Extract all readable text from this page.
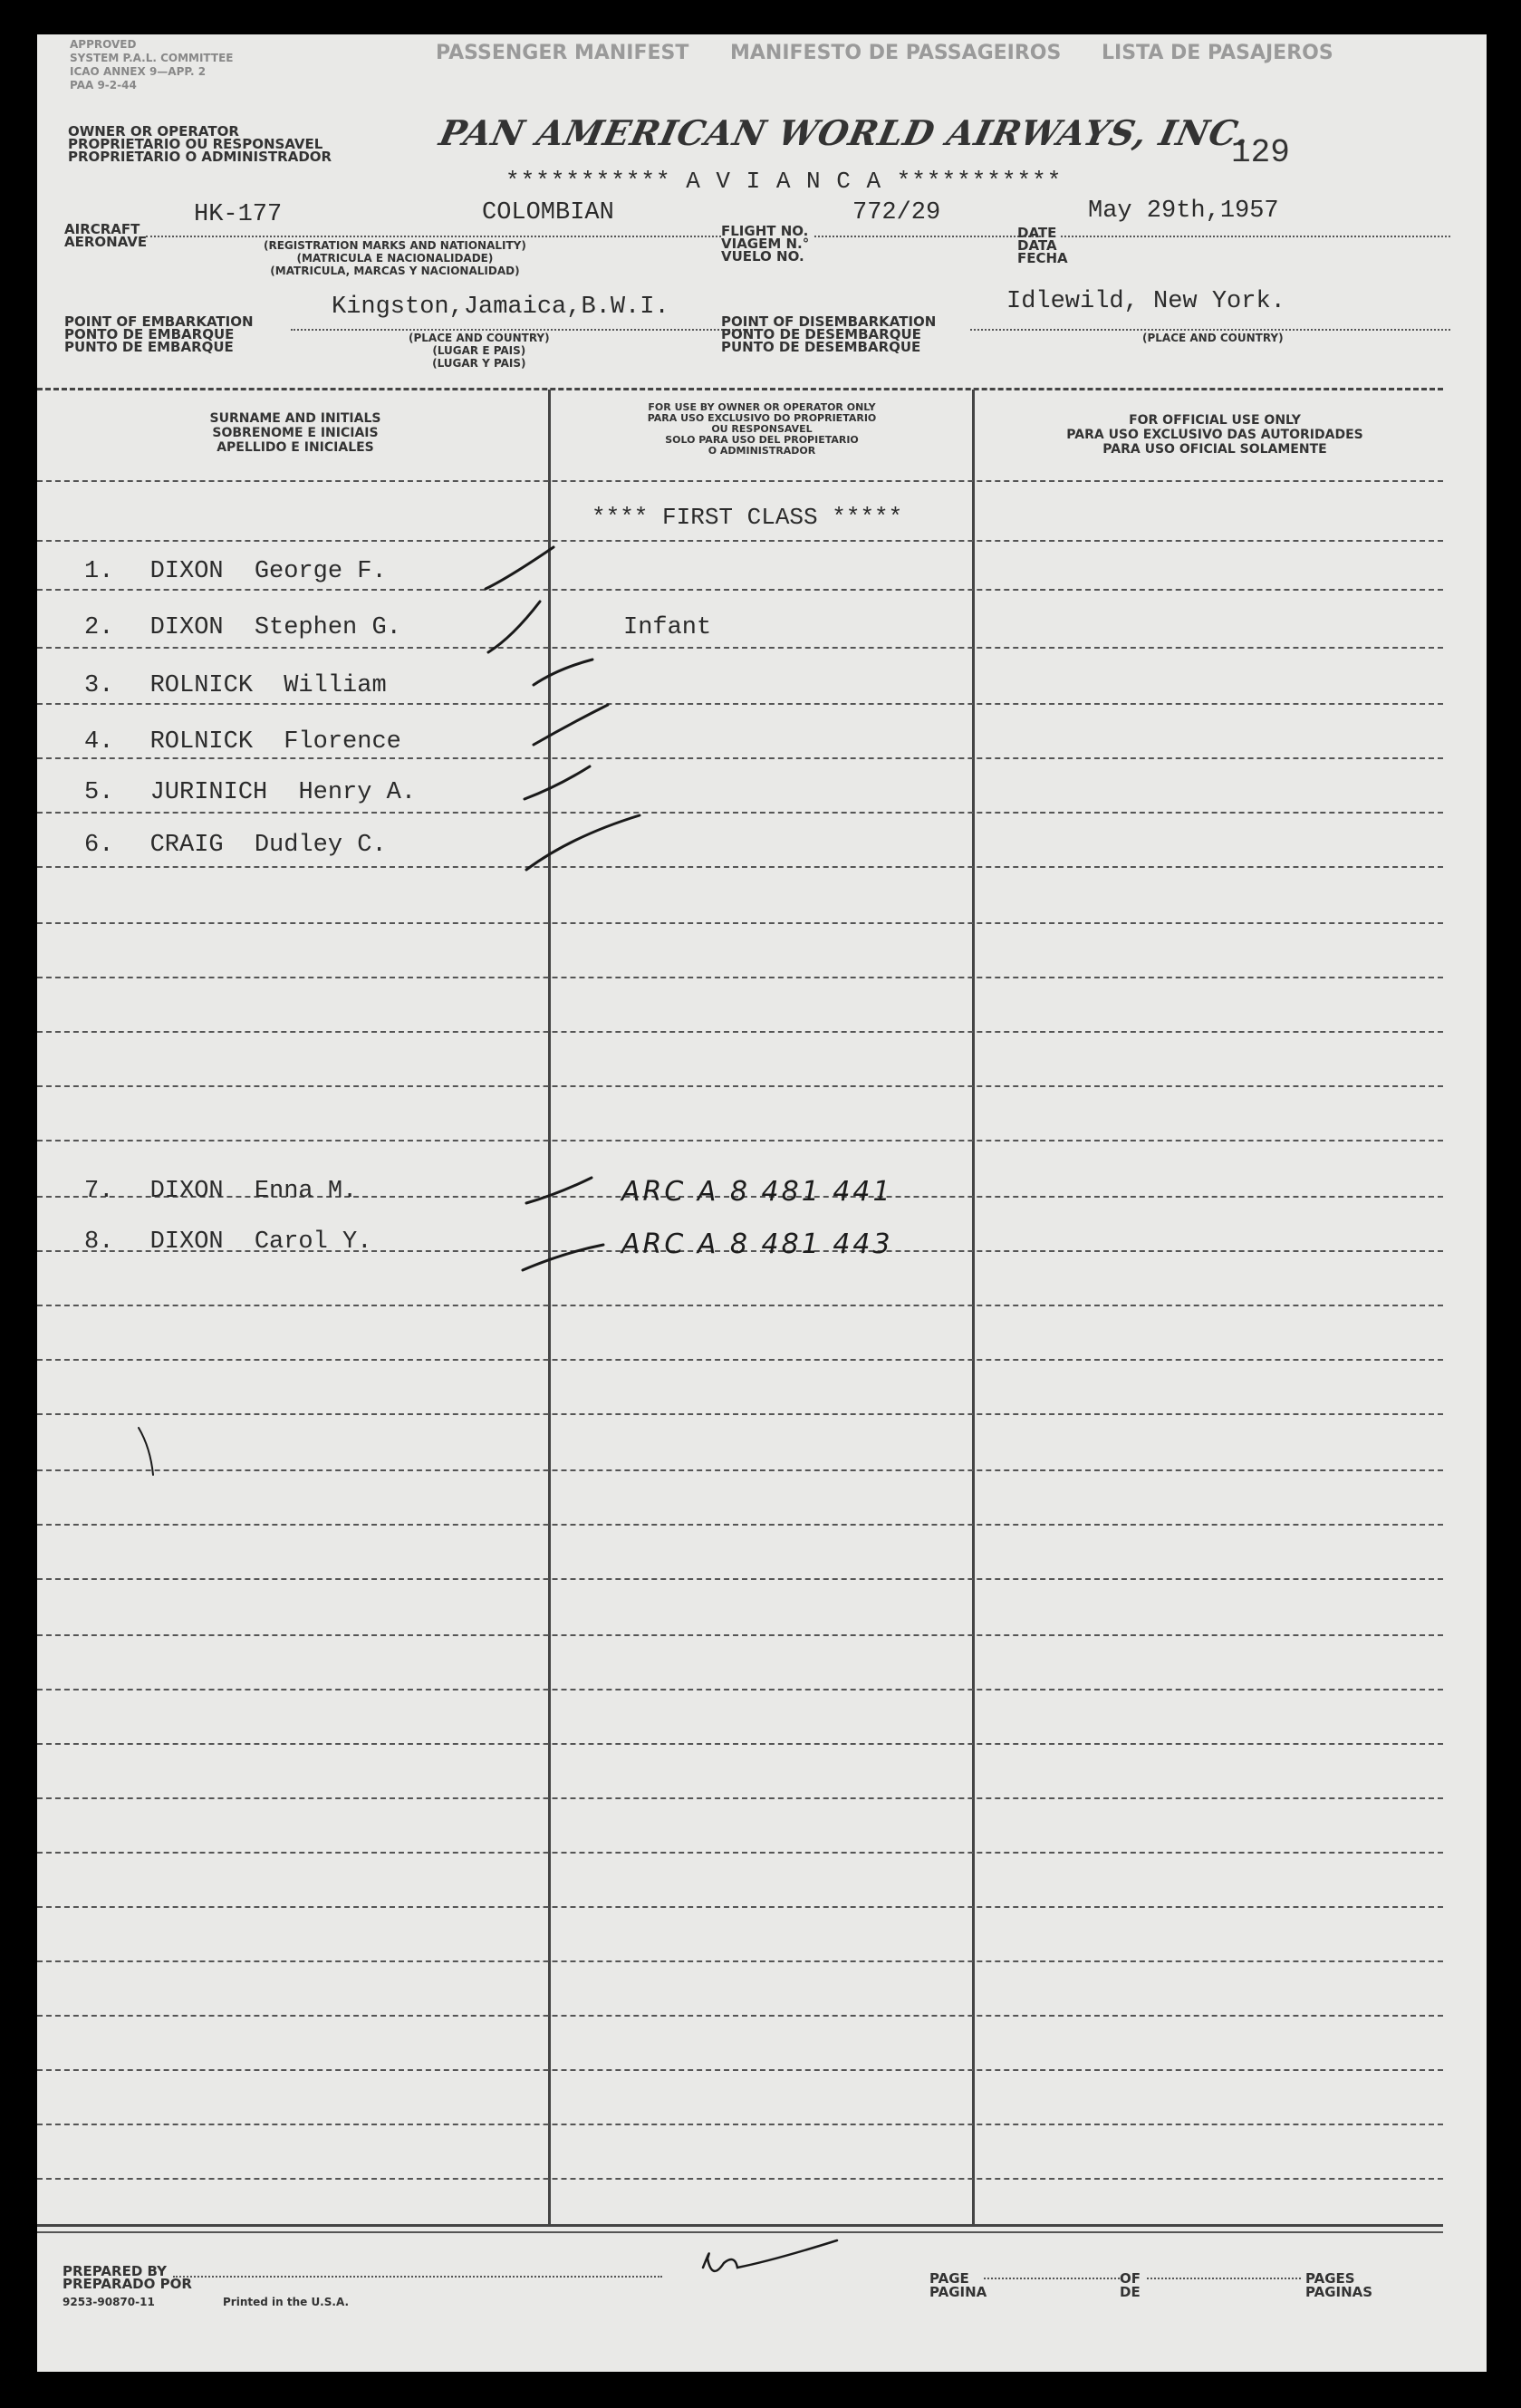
APPROVED
SYSTEM P.A.L. COMMITTEE
ICAO ANNEX 9—APP. 2
PAA 9-2-44
PASSENGER MANIFEST MANIFESTO DE PASSAGEIROS LISTA DE PASAJEROS
OWNER OR OPERATOR
PROPRIETARIO OU RESPONSAVEL
PROPRIETARIO O ADMINISTRADOR
PAN AMERICAN WORLD AIRWAYS, INC.
*********** A V I A N C A ***********
129
AIRCRAFT
AERONAVE
HK-177	COLOMBIAN
(REGISTRATION MARKS AND NATIONALITY)
(MATRICULA E NACIONALIDADE)
(MATRICULA, MARCAS Y NACIONALIDAD)
FLIGHT NO.
VIAGEM N.°
VUELO NO.
772/29
DATE
DATA
FECHA
May 29th,1957
POINT OF EMBARKATION
PONTO DE EMBARQUE
PUNTO DE EMBARQUE
Kingston,Jamaica,B.W.I.
(PLACE AND COUNTRY)
(LUGAR E PAIS)
(LUGAR Y PAIS)
POINT OF DISEMBARKATION
PONTO DE DESEMBARQUE
PUNTO DE DESEMBARQUE
Idlewild, New York.
(PLACE AND COUNTRY)
SURNAME AND INITIALS
SOBRENOME E INICIAIS
APELLIDO E INICIALES
FOR USE BY OWNER OR OPERATOR ONLY
PARA USO EXCLUSIVO DO PROPRIETARIO
OU RESPONSAVEL
SOLO PARA USO DEL PROPIETARIO
O ADMINISTRADOR
FOR OFFICIAL USE ONLY
PARA USO EXCLUSIVO DAS AUTORIDADES
PARA USO OFICIAL SOLAMENTE
**** FIRST CLASS *****
1. DIXON George F.
2. DIXON Stephen G.	Infant
3. ROLNICK William
4. ROLNICK Florence
5. JURINICH Henry A.
6. CRAIG Dudley C.
7. DIXON Enna M.	ARC A 8 481 441
8. DIXON Carol Y.	ARC A 8 481 443
PREPARED BY
PREPARADO POR
9253-90870-11	Printed in the U.S.A.
PAGE
PAGINA
OF
DE
PAGES
PAGINAS
